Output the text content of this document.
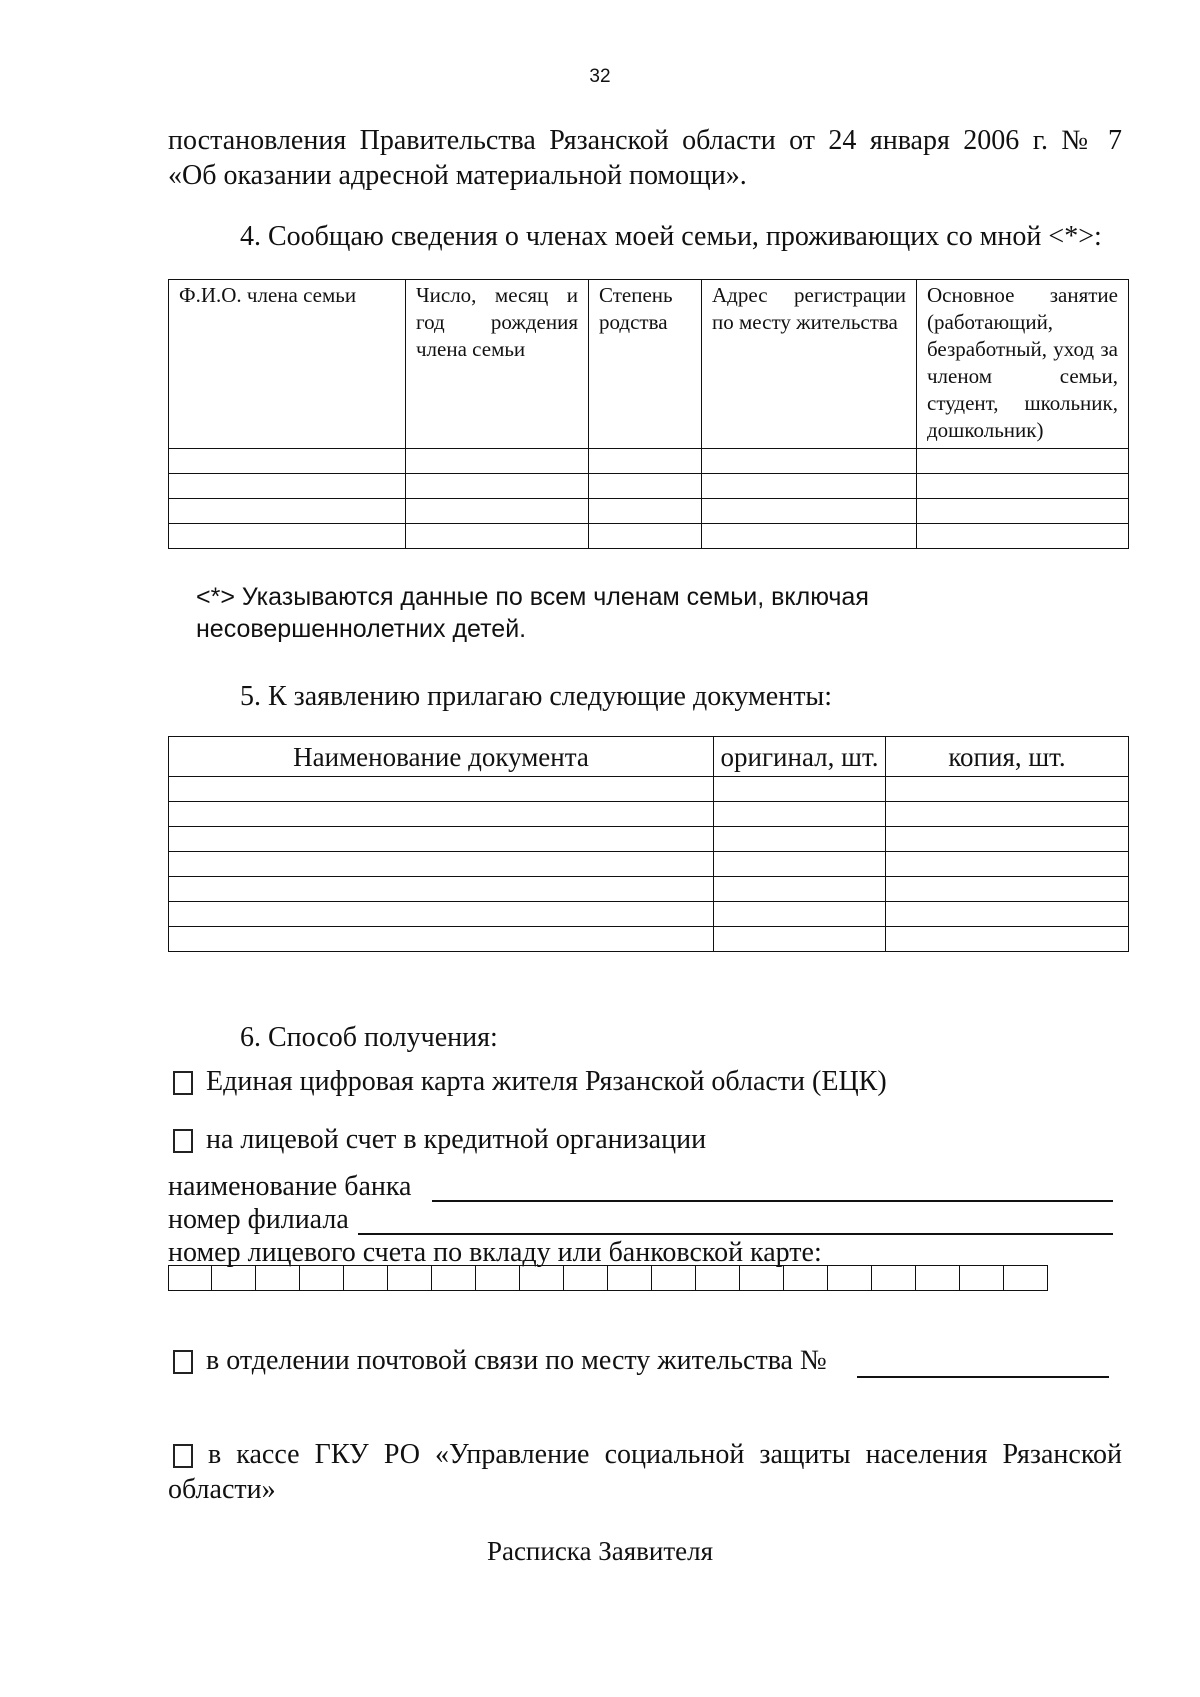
32
постановления Правительства Рязанской области от 24 января 2006 г. № 7
«Об оказании адресной материальной помощи».
4. Сообщаю сведения о членах моей семьи, проживающих со мной <*>:
Ф.И.О. члена семьи	Число, месяц и год рождения члена семьи	Степень родства	Адрес регистрации по месту жительства	Основное занятие (работающий, безработный, уход за членом семьи, студент, школьник, дошкольник)

<*> Указываются данные по всем членам семьи, включая
несовершеннолетних детей.
5. К заявлению прилагаю следующие документы:
Наименование документа	оригинал, шт.	копия, шт.

6. Способ получения:
Единая цифровая карта жителя Рязанской области (ЕЦК)
на лицевой счет в кредитной организации
наименование банка
номер филиала
номер лицевого счета по вкладу или банковской карте:
в отделении почтовой связи по месту жительства №
в кассе ГКУ РО «Управление социальной защиты населения Рязанской
области»
Расписка Заявителя
